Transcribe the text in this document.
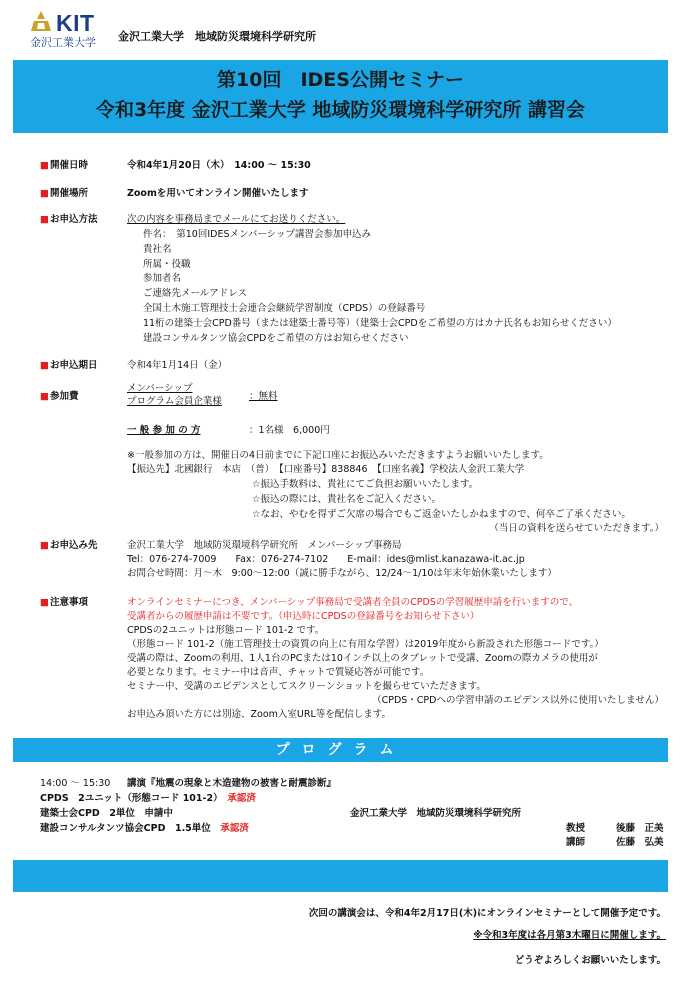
KIT
金沢工業大学 金沢工業大学　地域防災環境科学研究所
第10回　IDES公開セミナー
令和3年度 金沢工業大学 地域防災環境科学研究所 講習会
■開催日時	令和4年1月20日（木）　14:00 ～ 15:30
■開催場所	Zoomを用いてオンライン開催いたします
■お申込方法	次の内容を事務局までメールにてお送りください。
件名：　第10回IDESメンバーシップ講習会参加申込み
貴社名
所属・役職
参加者名
ご連絡先メールアドレス
全国土木施工管理技士会連合会継続学習制度（CPDS）の登録番号
11桁の建築士会CPD番号（または建築士番号等）（建築士会CPDをご希望の方はカナ氏名もお知らせください）
建設コンサルタンツ協会CPDをご希望の方はお知らせください
■お申込期日	令和4年1月14日（金）
■参加費
メンバーシップ
プログラム会員企業様	：無料
一 般 参 加 の 方	：1名様　6,000円
※一般参加の方は、開催日の4日前までに下記口座にお振込みいただきますようお願いいたします。
【振込先】北國銀行　本店　（普）　【口座番号】838846　【口座名義】学校法人金沢工業大学
☆振込手数料は、貴社にてご負担お願いいたします。
☆振込の際には、貴社名をご記入ください。
☆なお、やむを得ずご欠席の場合でもご返金いたしかねますので、何卒ご了承ください。
（当日の資料を送らせていただきます。）
■お申込み先	金沢工業大学　地域防災環境科学研究所　メンバーシップ事務局
Tel：076-274-7009　　Fax：076-274-7102　　E-mail：ides@mlist.kanazawa-it.ac.jp
お問合せ時間：月～木　9:00～12:00（誠に勝手ながら、12/24～1/10は年末年始休業いたします）
■注意事項	オンラインセミナーにつき、メンバーシップ事務局で受講者全員のCPDSの学習履歴申請を行いますので、
受講者からの履歴申請は不要です。（申込時にCPDSの登録番号をお知らせ下さい）
CPDSの2ユニットは形態コード 101-2 です。
（形態コード 101-2（施工管理技士の資質の向上に有用な学習）は2019年度から新設された形態コードです。）
受講の際は、Zoomの利用、1人1台のPCまたは10インチ以上のタブレットで受講、Zoomの際カメラの使用が
必要となります。セミナー中は音声、チャットで質疑応答が可能です。
セミナー中、受講のエビデンスとしてスクリーンショットを撮らせていただきます。
（CPDS・CPDへの学習申請のエビデンス以外に使用いたしません）
お申込み頂いた方には別途、Zoom入室URL等を配信します。
プログラム
14:00 ～ 15:30 講演『地震の現象と木造建物の被害と耐震診断』
CPDS　2ユニット（形態コード 101-2）　 承認済
建築士会CPD　2単位　申請中
建設コンサルタンツ協会CPD　1.5単位　 承認済
金沢工業大学　地域防災環境科学研究所
教授	後藤　正美
講師	佐藤　弘美
次回の講演会は、令和4年2月17日(木)にオンラインセミナーとして開催予定です。
※令和3年度は各月第3木曜日に開催します。
どうぞよろしくお願いいたします。
